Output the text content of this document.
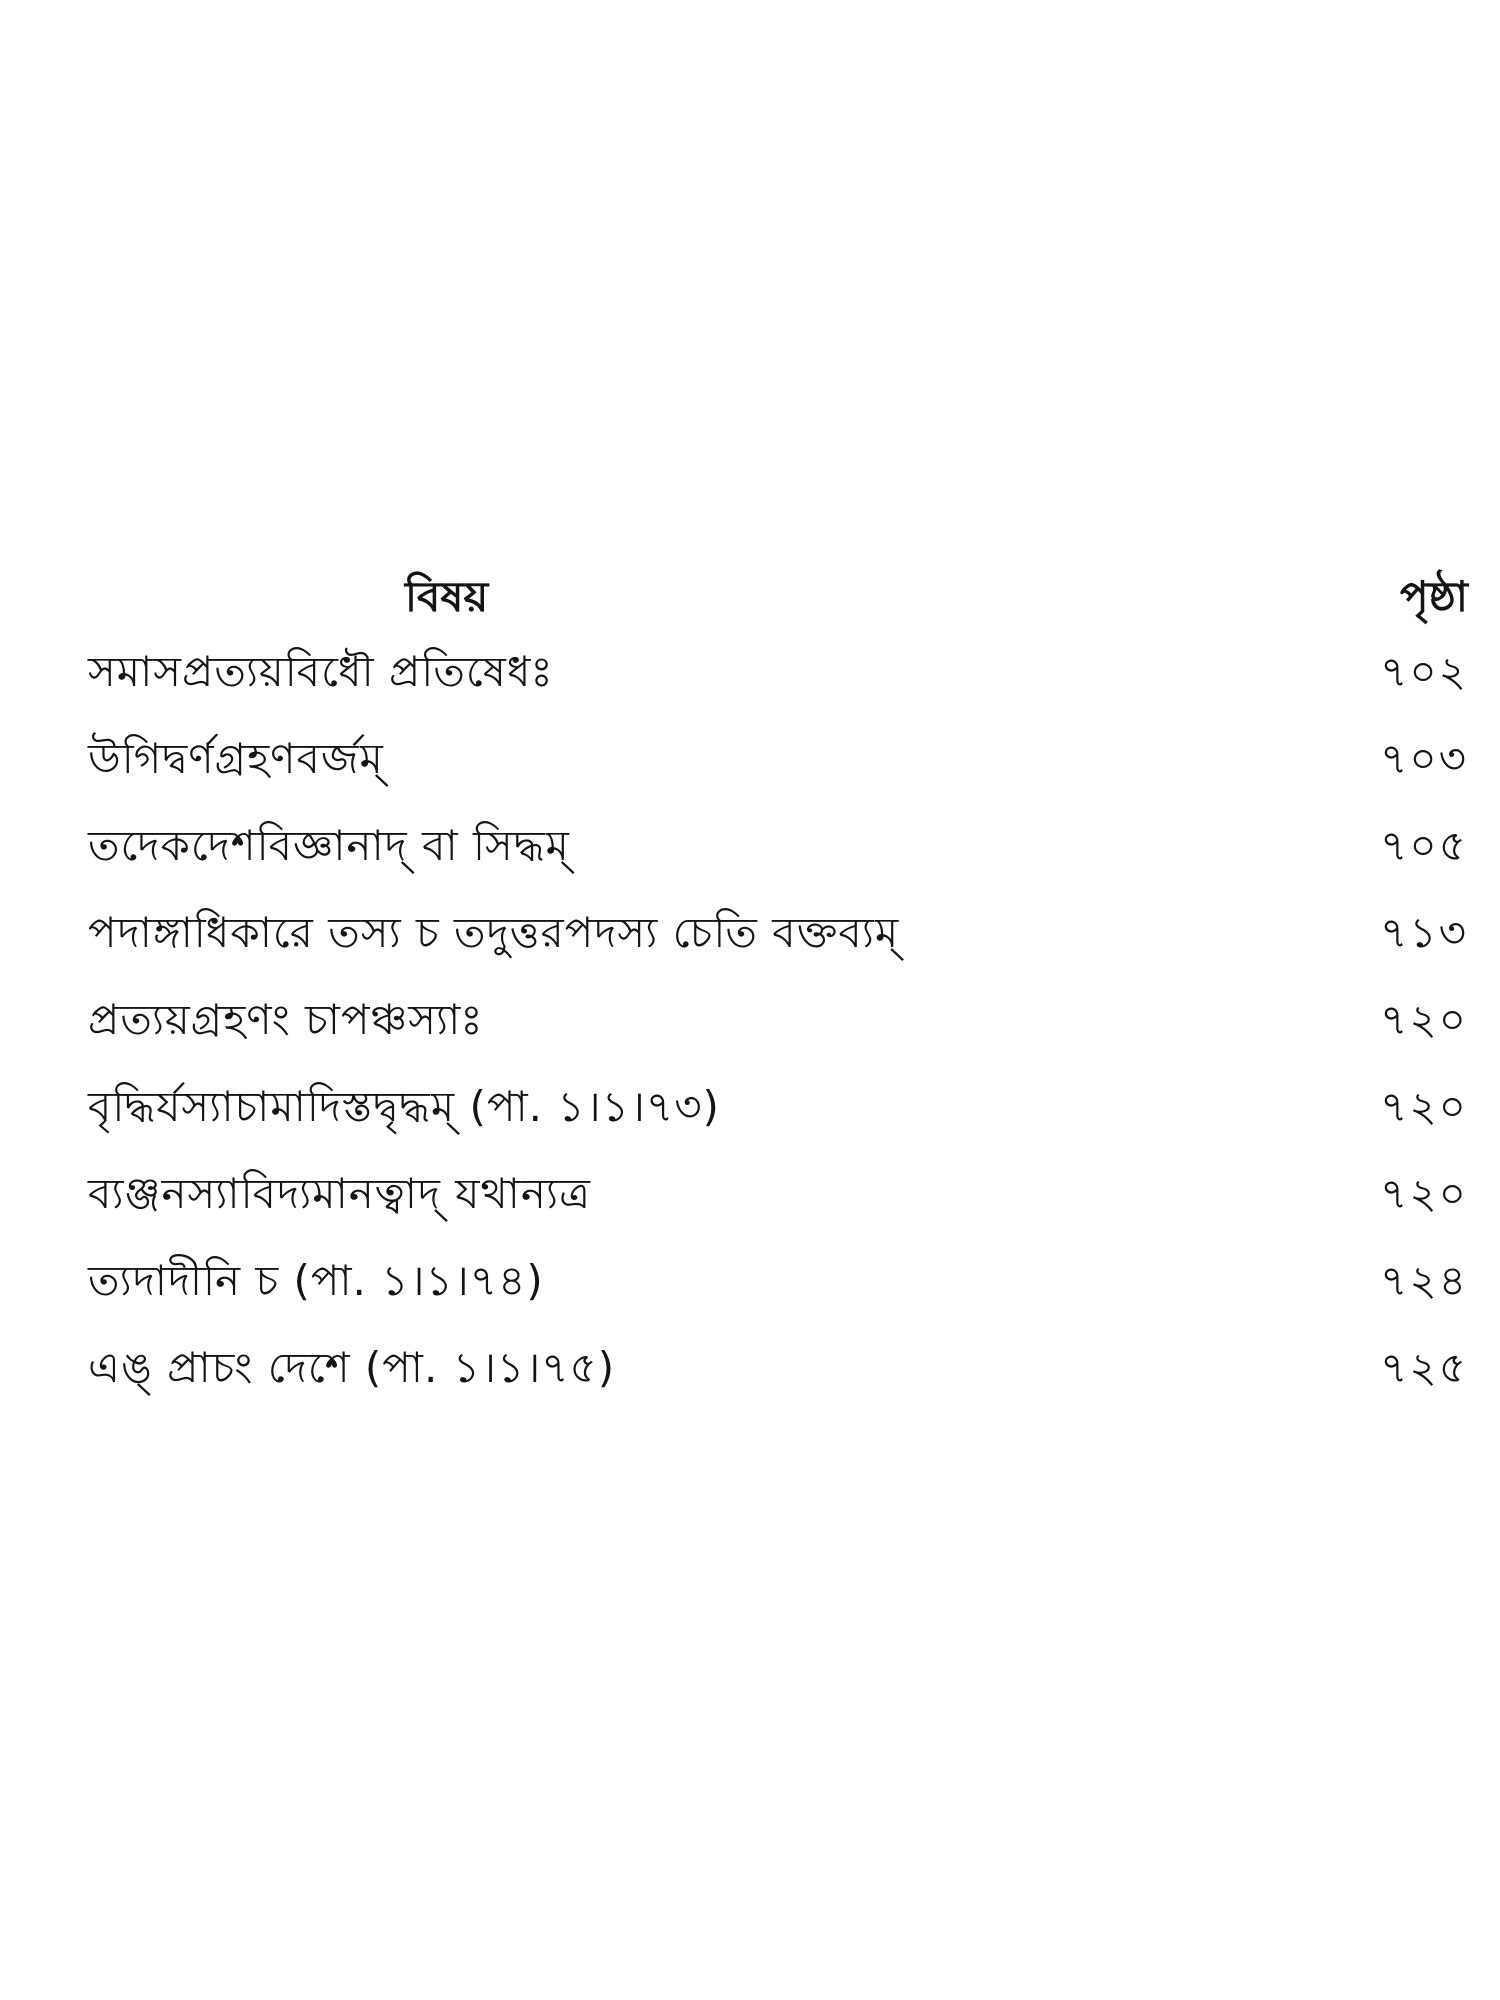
বিষয়	পৃষ্ঠা
সমাসপ্রত্যয়বিধৌ প্রতিষেধঃ	৭০২
উগিদ্বর্ণগ্রহণবর্জম্	৭০৩
তদেকদেশবিজ্ঞানাদ্ বা সিদ্ধম্	৭০৫
পদাঙ্গাধিকারে তস্য চ তদুত্তরপদস্য চেতি বক্তব্যম্	৭১৩
প্রত্যয়গ্রহণং চাপঞ্চস্যাঃ	৭২০
বৃদ্ধির্যস্যাচামাদিস্তদ্বৃদ্ধম্ (পা. ১।১।৭৩)	৭২০
ব্যঞ্জনস্যাবিদ্যমানত্বাদ্ যথান্যত্র	৭২০
ত্যদাদীনি চ (পা. ১।১।৭৪)	৭২৪
এঙ্ প্রাচং দেশে (পা. ১।১।৭৫)	৭২৫
